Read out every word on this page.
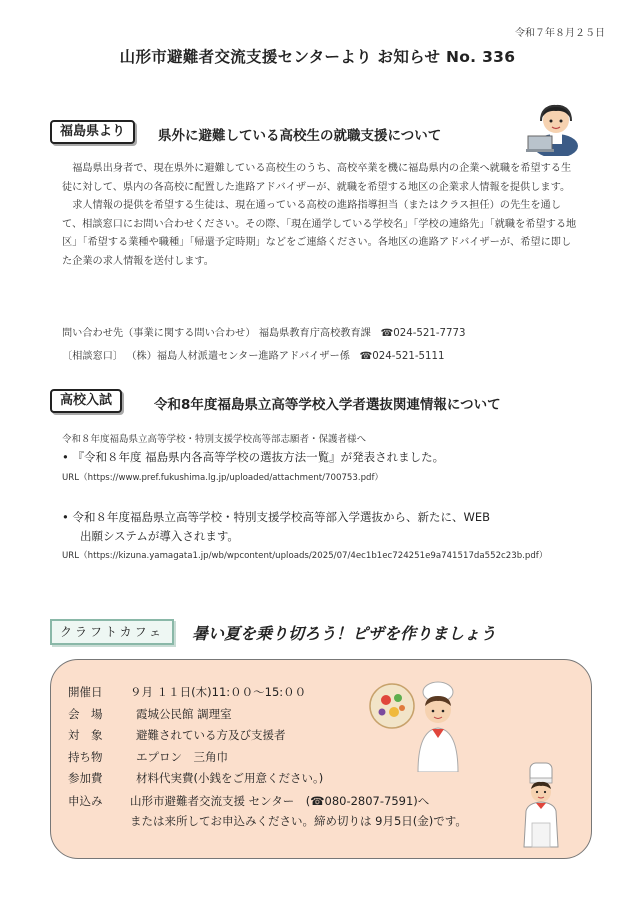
令和７年８月２５日
山形市避難者交流支援センターより お知らせ No. 336
福島県より	県外に避難している高校生の就職支援について

福島県出身者で、現在県外に避難している高校生のうち、高校卒業を機に福島県内の企業へ就職を希望する生徒に対して、県内の各高校に配置した進路アドバイザーが、就職を希望する地区の企業求人情報を提供します。

求人情報の提供を希望する生徒は、現在通っている高校の進路指導担当（またはクラス担任）の先生を通して、相談窓口にお問い合わせください。その際、「現在通学している学校名」「学校の連絡先」「就職を希望する地区」「希望する業種や職種」「帰還予定時期」などをご連絡ください。各地区の進路アドバイザーが、希望に即した企業の求人情報を送付します。

問い合わせ先（事業に関する問い合わせ） 福島県教育庁高校教育課 ☎024-521-7773
〔相談窓口〕 （株）福島人材派遣センター進路アドバイザー係 ☎024-521-5111
高校入試	令和8年度福島県立高等学校入学者選抜関連情報について
令和８年度福島県立高等学校・特別支援学校高等部志願者・保護者様へ
• 『令和８年度 福島県内各高等学校の選抜方法一覧』が発表されました。
URL（https://www.pref.fukushima.lg.jp/uploaded/attachment/700753.pdf）
• 令和８年度福島県立高等学校・特別支援学校高等部入学選抜から、新たに、WEB
出願システムが導入されます。
URL（https://kizuna.yamagata1.jp/wb/wpcontent/uploads/2025/07/4ec1b1ec724251e9a741517da552c23b.pdf）
クラフトカフェ	暑い夏を乗り切ろう！ピザを作りましょう
開催日 ９月 １１日(木)11:００～15:００
会　場	霞城公民館 調理室
対　象	避難されている方及び支援者
持ち物	エプロン　三角巾
参加費	材料代実費(小銭をご用意ください。)
申込み 山形市避難者交流支援 センター　(☎080-2807-7591)へ
または来所してお申込みください。締め切りは 9月5日(金)です。
